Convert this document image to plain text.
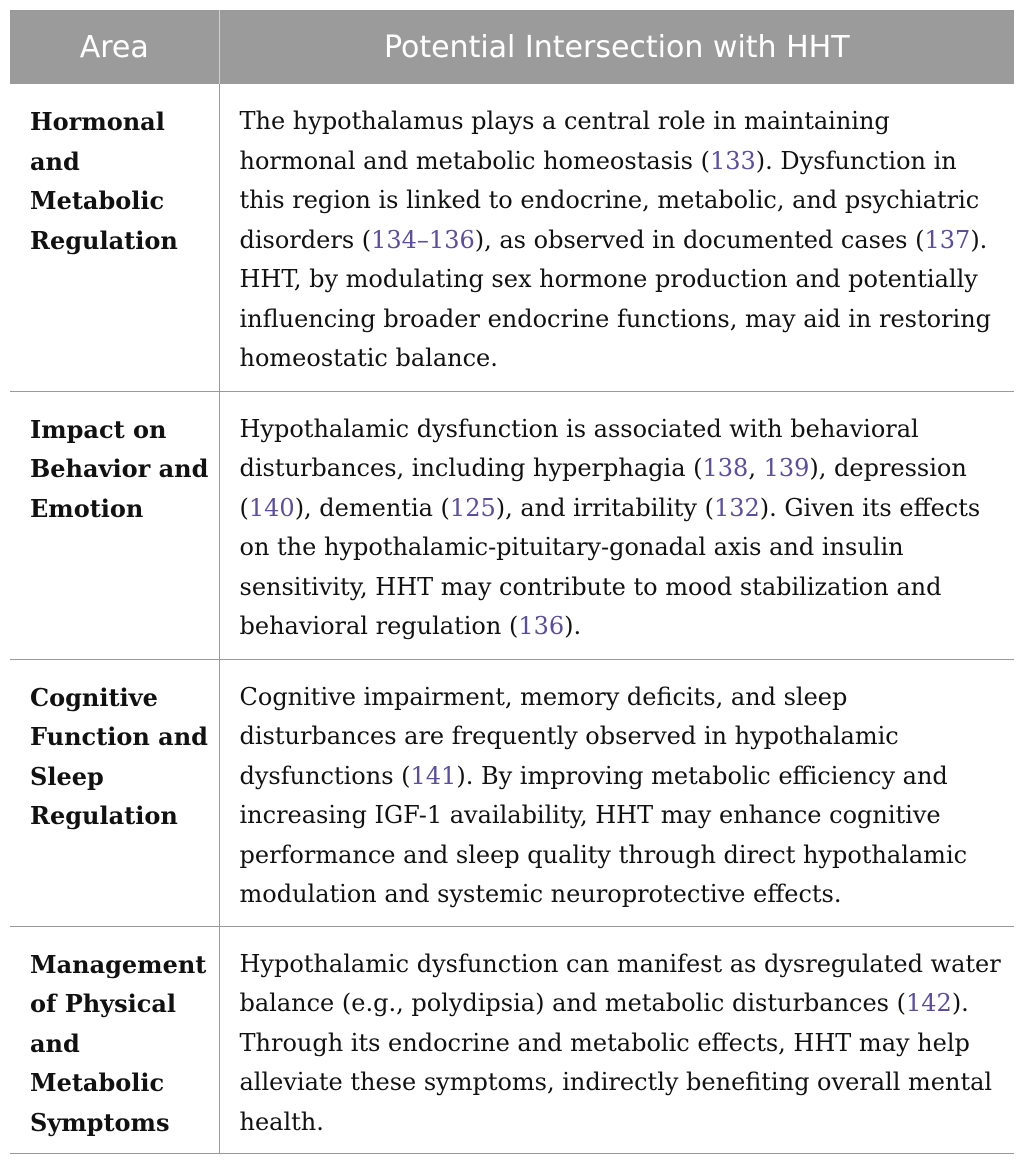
Area	Potential Intersection with HHT
Hormonal and Metabolic Regulation	The hypothalamus plays a central role in maintaining hormonal and metabolic homeostasis (133). Dysfunction in this region is linked to endocrine, metabolic, and psychiatric disorders (134–136), as observed in documented cases (137). HHT, by modulating sex hormone production and potentially influencing broader endocrine functions, may aid in restoring homeostatic balance.
Impact on Behavior and Emotion	Hypothalamic dysfunction is associated with behavioral disturbances, including hyperphagia (138, 139), depression (140), dementia (125), and irritability (132). Given its effects on the hypothalamic-pituitary-gonadal axis and insulin sensitivity, HHT may contribute to mood stabilization and behavioral regulation (136).
Cognitive Function and Sleep Regulation	Cognitive impairment, memory deficits, and sleep disturbances are frequently observed in hypothalamic dysfunctions (141). By improving metabolic efficiency and increasing IGF-1 availability, HHT may enhance cognitive performance and sleep quality through direct hypothalamic modulation and systemic neuroprotective effects.
Management of Physical and Metabolic Symptoms	Hypothalamic dysfunction can manifest as dysregulated water balance (e.g., polydipsia) and metabolic disturbances (142). Through its endocrine and metabolic effects, HHT may help alleviate these symptoms, indirectly benefiting overall mental health.
